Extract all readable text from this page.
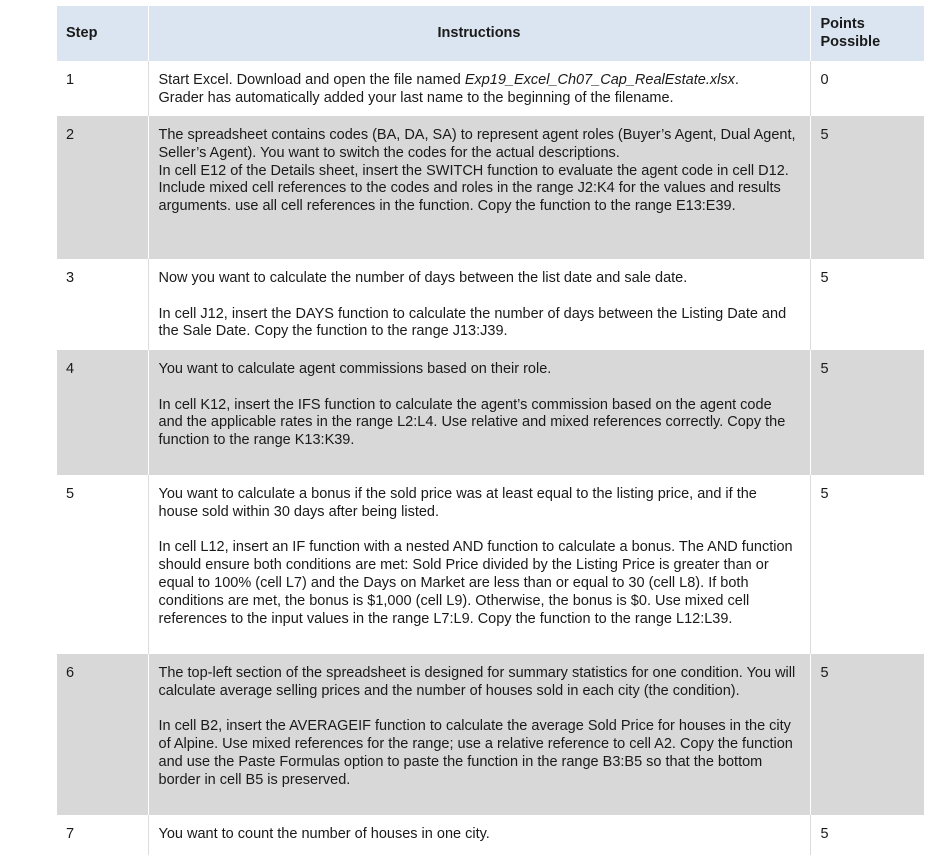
Step	Instructions	Points
Possible
1	Start Excel. Download and open the file named Exp19_Excel_Ch07_Cap_RealEstate.xlsx.
Grader has automatically added your last name to the beginning of the filename.	0
2	The spreadsheet contains codes (BA, DA, SA) to represent agent roles (Buyer’s Agent, Dual Agent, Seller’s Agent). You want to switch the codes for the actual descriptions.

In cell E12 of the Details sheet, insert the SWITCH function to evaluate the agent code in cell D12. Include mixed cell references to the codes and roles in the range J2:K4 for the values and results arguments. use all cell references in the function. Copy the function to the range E13:E39.	5
3	Now you want to calculate the number of days between the list date and sale date.

In cell J12, insert the DAYS function to calculate the number of days between the Listing Date and the Sale Date. Copy the function to the range J13:J39.	5
4	You want to calculate agent commissions based on their role.

In cell K12, insert the IFS function to calculate the agent’s commission based on the agent code and the applicable rates in the range L2:L4. Use relative and mixed references correctly. Copy the function to the range K13:K39.	5
5	You want to calculate a bonus if the sold price was at least equal to the listing price, and if the house sold within 30 days after being listed.

In cell L12, insert an IF function with a nested AND function to calculate a bonus. The AND function should ensure both conditions are met: Sold Price divided by the Listing Price is greater than or equal to 100% (cell L7) and the Days on Market are less than or equal to 30 (cell L8). If both conditions are met, the bonus is $1,000 (cell L9). Otherwise, the bonus is $0. Use mixed cell references to the input values in the range L7:L9. Copy the function to the range L12:L39.	5
6	The top-left section of the spreadsheet is designed for summary statistics for one condition. You will calculate average selling prices and the number of houses sold in each city (the condition).

In cell B2, insert the AVERAGEIF function to calculate the average Sold Price for houses in the city of Alpine. Use mixed references for the range; use a relative reference to cell A2. Copy the function and use the Paste Formulas option to paste the function in the range B3:B5 so that the bottom border in cell B5 is preserved.	5
7	You want to count the number of houses in one city.	5
